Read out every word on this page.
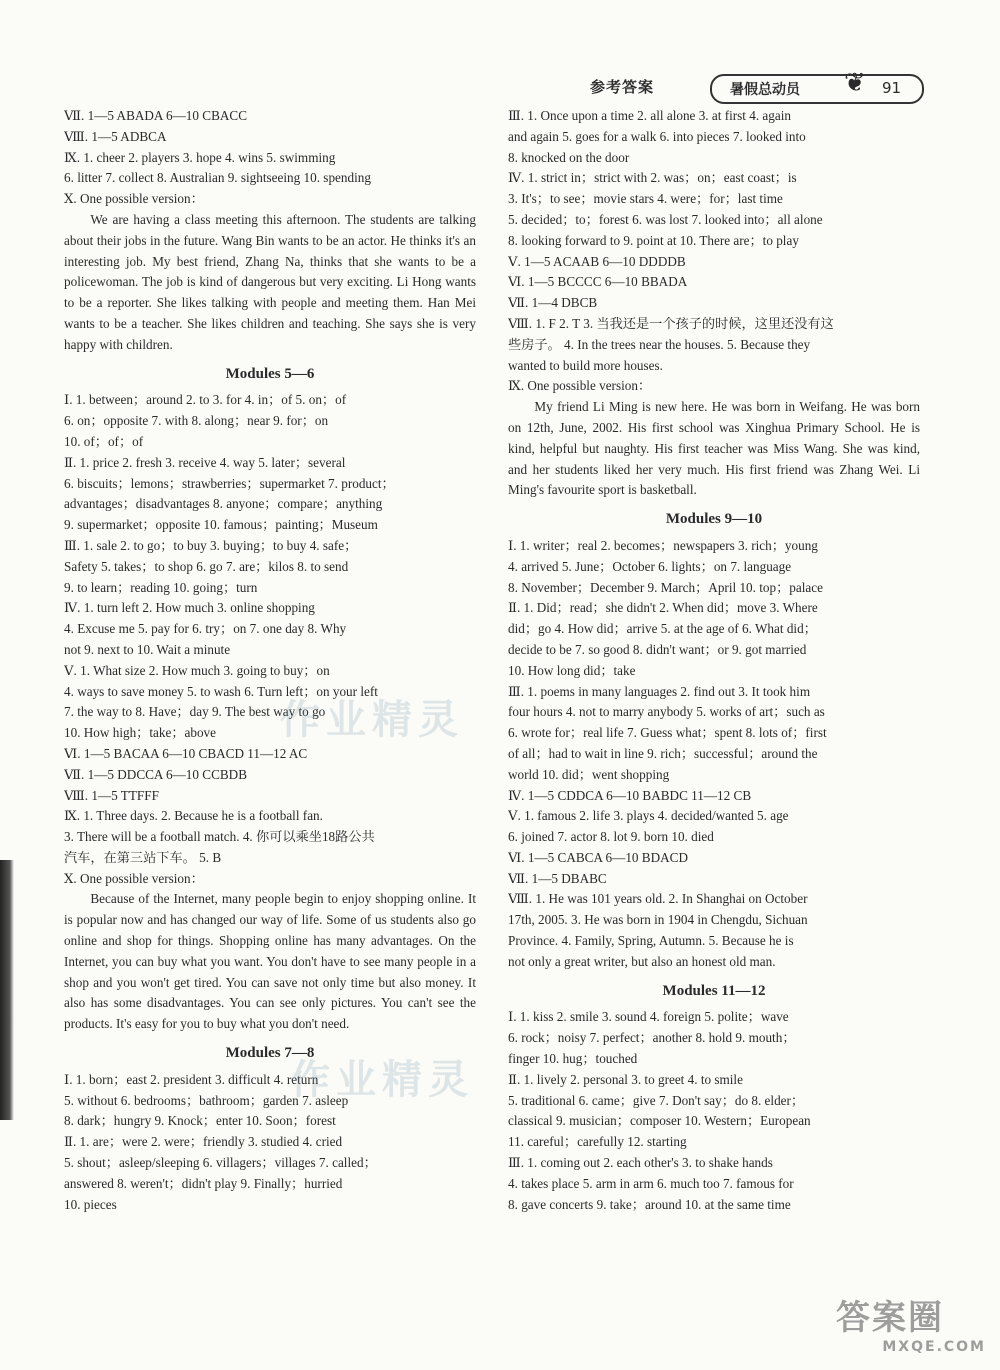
参考答案	暑假总动员 ❦ 91
Ⅶ. 1—5 ABADA 6—10 CBACC
Ⅷ. 1—5 ADBCA
Ⅸ. 1. cheer 2. players 3. hope 4. wins 5. swimming
6. litter 7. collect 8. Australian 9. sightseeing 10. spending
Ⅹ. One possible version：
We are having a class meeting this afternoon. The students are talking about their jobs in the future. Wang Bin wants to be an actor. He thinks it's an interesting job. My best friend, Zhang Na, thinks that she wants to be a policewoman. The job is kind of dangerous but very exciting. Li Hong wants to be a reporter. She likes talking with people and meeting them. Han Mei wants to be a teacher. She likes children and teaching. She says she is very happy with children.
Modules 5—6
Ⅰ. 1. between；around 2. to 3. for 4. in；of 5. on；of
6. on；opposite 7. with 8. along；near 9. for；on
10. of；of；of
Ⅱ. 1. price 2. fresh 3. receive 4. way 5. later；several
6. biscuits；lemons；strawberries；supermarket 7. product；
advantages；disadvantages 8. anyone；compare；anything
9. supermarket；opposite 10. famous；painting；Museum
Ⅲ. 1. sale 2. to go；to buy 3. buying；to buy 4. safe；
Safety 5. takes；to shop 6. go 7. are；kilos 8. to send
9. to learn；reading 10. going；turn
Ⅳ. 1. turn left 2. How much 3. online shopping
4. Excuse me 5. pay for 6. try；on 7. one day 8. Why
not 9. next to 10. Wait a minute
Ⅴ. 1. What size 2. How much 3. going to buy；on
4. ways to save money 5. to wash 6. Turn left；on your left
7. the way to 8. Have；day 9. The best way to go
10. How high；take；above
Ⅵ. 1—5 BACAA 6—10 CBACD 11—12 AC
Ⅶ. 1—5 DDCCA 6—10 CCBDB
Ⅷ. 1—5 TTFFF
Ⅸ. 1. Three days. 2. Because he is a football fan.
3. There will be a football match. 4. 你可以乘坐18路公共
汽车，在第三站下车。 5. B
Ⅹ. One possible version：
Because of the Internet, many people begin to enjoy shopping online. It is popular now and has changed our way of life. Some of us students also go online and shop for things. Shopping online has many advantages. On the Internet, you can buy what you want. You don't have to see many people in a shop and you won't get tired. You can save not only time but also money. It also has some disadvantages. You can see only pictures. You can't see the products. It's easy for you to buy what you don't need.
Modules 7—8
Ⅰ. 1. born；east 2. president 3. difficult 4. return
5. without 6. bedrooms；bathroom；garden 7. asleep
8. dark；hungry 9. Knock；enter 10. Soon；forest
Ⅱ. 1. are；were 2. were；friendly 3. studied 4. cried
5. shout；asleep/sleeping 6. villagers；villages 7. called；
answered 8. weren't；didn't play 9. Finally；hurried
10. pieces
Ⅲ. 1. Once upon a time 2. all alone 3. at first 4. again
and again 5. goes for a walk 6. into pieces 7. looked into
8. knocked on the door
Ⅳ. 1. strict in；strict with 2. was；on；east coast；is
3. It's；to see；movie stars 4. were；for；last time
5. decided；to；forest 6. was lost 7. looked into；all alone
8. looking forward to 9. point at 10. There are；to play
Ⅴ. 1—5 ACAAB 6—10 DDDDB
Ⅵ. 1—5 BCCCC 6—10 BBADA
Ⅶ. 1—4 DBCB
Ⅷ. 1. F 2. T 3. 当我还是一个孩子的时候，这里还没有这
些房子。 4. In the trees near the houses. 5. Because they
wanted to build more houses.
Ⅸ. One possible version：
My friend Li Ming is new here. He was born in Weifang. He was born on 12th, June, 2002. His first school was Xinghua Primary School. He is kind, helpful but naughty. His first teacher was Miss Wang. She was kind, and her students liked her very much. His first friend was Zhang Wei. Li Ming's favourite sport is basketball.
Modules 9—10
Ⅰ. 1. writer；real 2. becomes；newspapers 3. rich；young
4. arrived 5. June；October 6. lights；on 7. language
8. November；December 9. March；April 10. top；palace
Ⅱ. 1. Did；read；she didn't 2. When did；move 3. Where
did；go 4. How did；arrive 5. at the age of 6. What did；
decide to be 7. so good 8. didn't want；or 9. got married
10. How long did；take
Ⅲ. 1. poems in many languages 2. find out 3. It took him
four hours 4. not to marry anybody 5. works of art；such as
6. wrote for；real life 7. Guess what；spent 8. lots of；first
of all；had to wait in line 9. rich；successful；around the
world 10. did；went shopping
Ⅳ. 1—5 CDDCA 6—10 BABDC 11—12 CB
Ⅴ. 1. famous 2. life 3. plays 4. decided/wanted 5. age
6. joined 7. actor 8. lot 9. born 10. died
Ⅵ. 1—5 CABCA 6—10 BDACD
Ⅶ. 1—5 DBABC
Ⅷ. 1. He was 101 years old. 2. In Shanghai on October
17th, 2005. 3. He was born in 1904 in Chengdu, Sichuan
Province. 4. Family, Spring, Autumn. 5. Because he is
not only a great writer, but also an honest old man.
Modules 11—12
Ⅰ. 1. kiss 2. smile 3. sound 4. foreign 5. polite；wave
6. rock；noisy 7. perfect；another 8. hold 9. mouth；
finger 10. hug；touched
Ⅱ. 1. lively 2. personal 3. to greet 4. to smile
5. traditional 6. came；give 7. Don't say；do 8. elder；
classical 9. musician；composer 10. Western；European
11. careful；carefully 12. starting
Ⅲ. 1. coming out 2. each other's 3. to shake hands
4. takes place 5. arm in arm 6. much too 7. famous for
8. gave concerts 9. take；around 10. at the same time
作业精灵
作业精灵
答案圈
MXQE.COM
